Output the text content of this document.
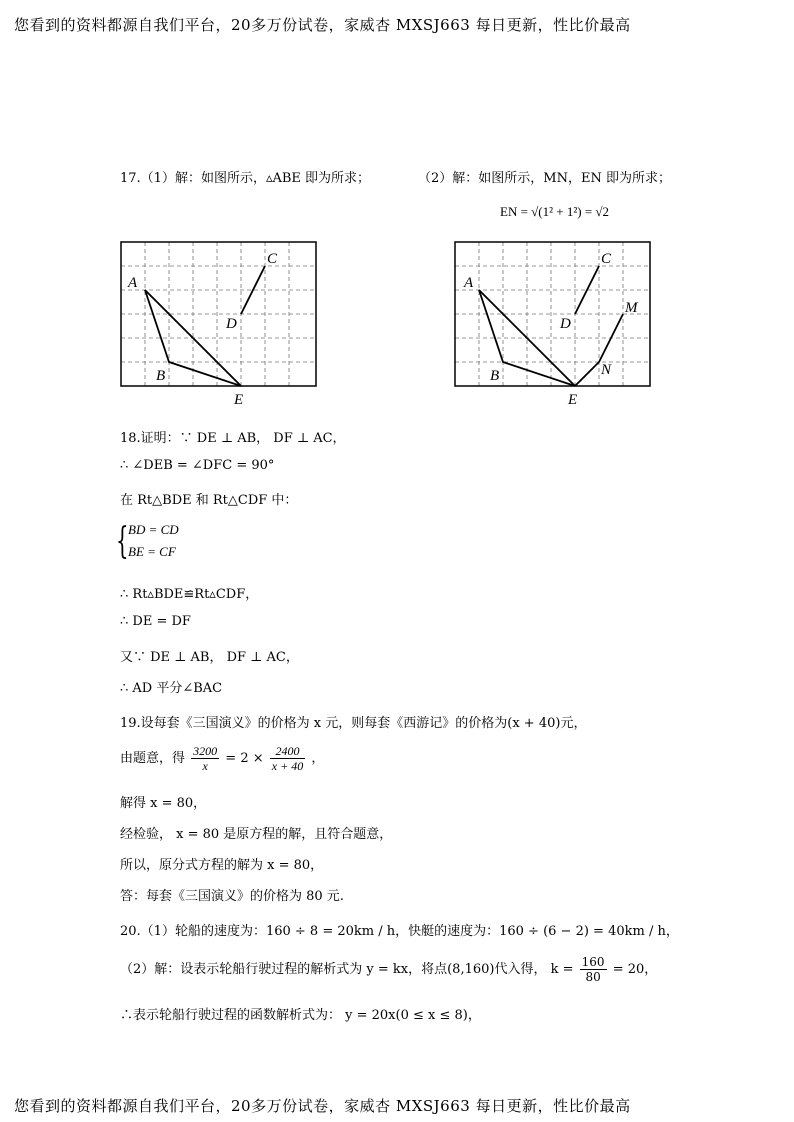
您看到的资料都源自我们平台，20多万份试卷，家威杏 MXSJ663 每日更新，性比价最高
17.（1）解：如图所示，▵ABE 即为所求；	（2）解：如图所示，MN，EN 即为所求；
EN = √(1² + 1²) = √2
A
B
C
D
E
A
B
C
D
E
M
N
18.证明：∵ DE ⊥ AB， DF ⊥ AC，
∴ ∠DEB = ∠DFC = 90°
在 Rt△BDE 和 Rt△CDF 中：
{ BD = CD
BE = CF
∴ Rt▵BDE≌Rt▵CDF，
∴ DE = DF
又∵ DE ⊥ AB， DF ⊥ AC，
∴ AD 平分∠BAC
19.设每套《三国演义》的价格为 x 元，则每套《西游记》的价格为(x + 40)元，
由题意，得 $\frac{3200}{x} = 2 \times \frac{2400}{x + 40}$ ，
解得 x = 80，
经检验， x = 80 是原方程的解，且符合题意，
所以，原分式方程的解为 x = 80，
答：每套《三国演义》的价格为 80 元.
20.（1）轮船的速度为：160 ÷ 8 = 20km / h，快艇的速度为：160 ÷ (6 − 2) = 40km / h，
（2）解：设表示轮船行驶过程的解析式为 y = kx，将点(8,160)代入得， $k = \frac{160}{80} = 20$，
∴表示轮船行驶过程的函数解析式为： y = 20x(0 ≤ x ≤ 8)，
您看到的资料都源自我们平台，20多万份试卷，家威杏 MXSJ663 每日更新，性比价最高
